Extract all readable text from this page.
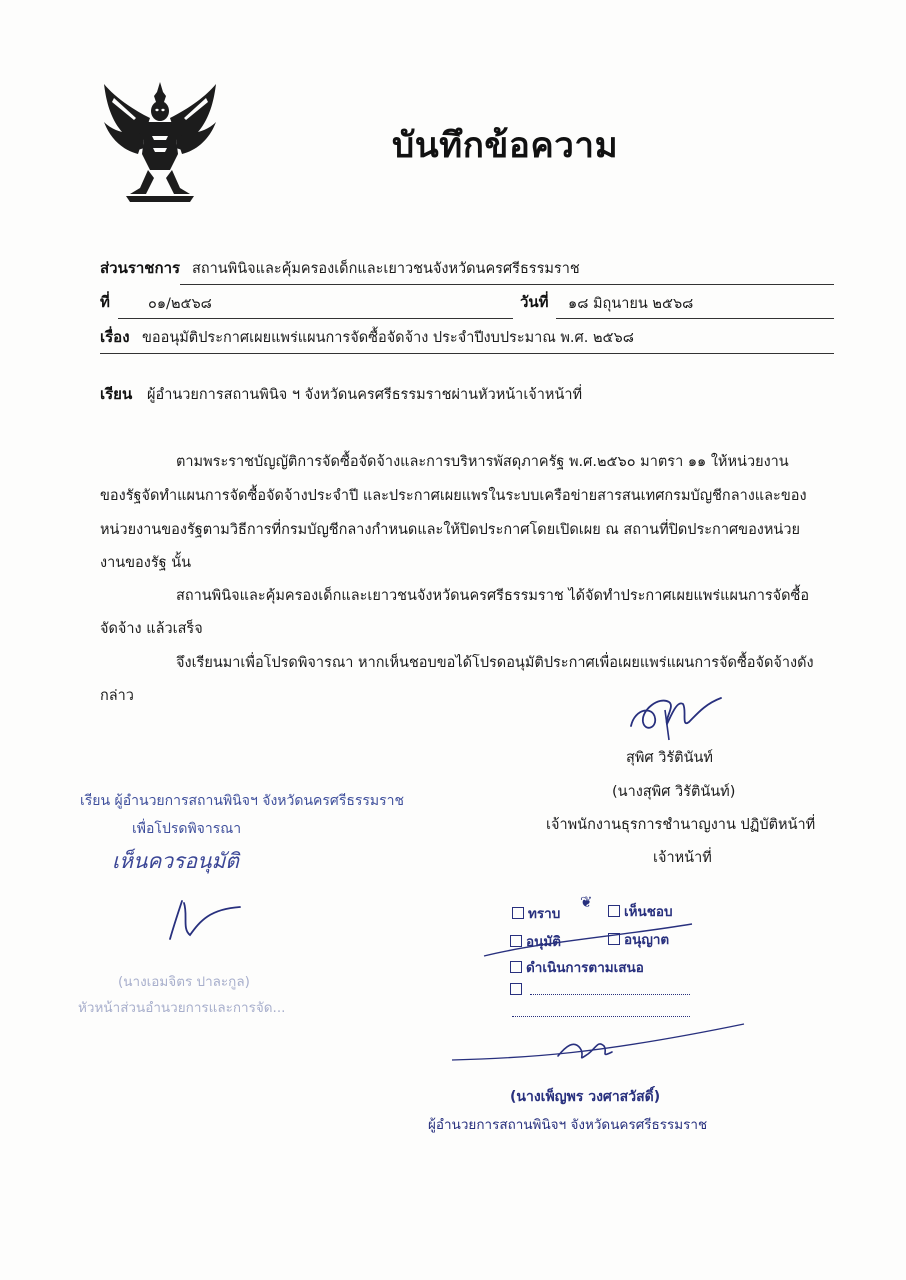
บันทึกข้อความ
ส่วนราชการ สถานพินิจและคุ้มครองเด็กและเยาวชนจังหวัดนครศรีธรรมราช
ที่	๐๑/๒๕๖๘	วันที่ ๑๘ มิถุนายน ๒๕๖๘
เรื่อง ขออนุมัติประกาศเผยแพร่แผนการจัดซื้อจัดจ้าง ประจำปีงบประมาณ พ.ศ. ๒๕๖๘
เรียน ผู้อำนวยการสถานพินิจ ฯ จังหวัดนครศรีธรรมราชผ่านหัวหน้าเจ้าหน้าที่
ตามพระราชบัญญัติการจัดซื้อจัดจ้างและการบริหารพัสดุภาครัฐ พ.ศ.๒๕๖๐ มาตรา ๑๑ ให้หน่วยงาน
ของรัฐจัดทำแผนการจัดซื้อจัดจ้างประจำปี และประกาศเผยแพรในระบบเครือข่ายสารสนเทศกรมบัญชีกลางและของ
หน่วยงานของรัฐตามวิธีการที่กรมบัญชีกลางกำหนดและให้ปิดประกาศโดยเปิดเผย ณ สถานที่ปิดประกาศของหน่วย
งานของรัฐ นั้น
สถานพินิจและคุ้มครองเด็กและเยาวชนจังหวัดนครศรีธรรมราช ได้จัดทำประกาศเผยแพร่แผนการจัดซื้อ
จัดจ้าง แล้วเสร็จ
จึงเรียนมาเพื่อโปรดพิจารณา หากเห็นชอบขอได้โปรดอนุมัติประกาศเพื่อเผยแพร่แผนการจัดซื้อจัดจ้างดัง
กล่าว
สุพิศ วิรัตินันท์
(นางสุพิศ วิรัตินันท์)
เจ้าพนักงานธุรการชำนาญงาน ปฏิบัติหน้าที่
เจ้าหน้าที่
เรียน ผู้อำนวยการสถานพินิจฯ จังหวัดนครศรีธรรมราช
เพื่อโปรดพิจารณา
เห็นควรอนุมัติ
(นางเอมจิตร ปาละกูล)
หัวหน้าส่วนอำนวยการและการจัด...
ทราบ
❦
เห็นชอบ
อนุมัติ	อนุญาต
ดำเนินการตามเสนอ
(นางเพ็ญพร วงศาสวัสดิ์)
ผู้อำนวยการสถานพินิจฯ จังหวัดนครศรีธรรมราช
